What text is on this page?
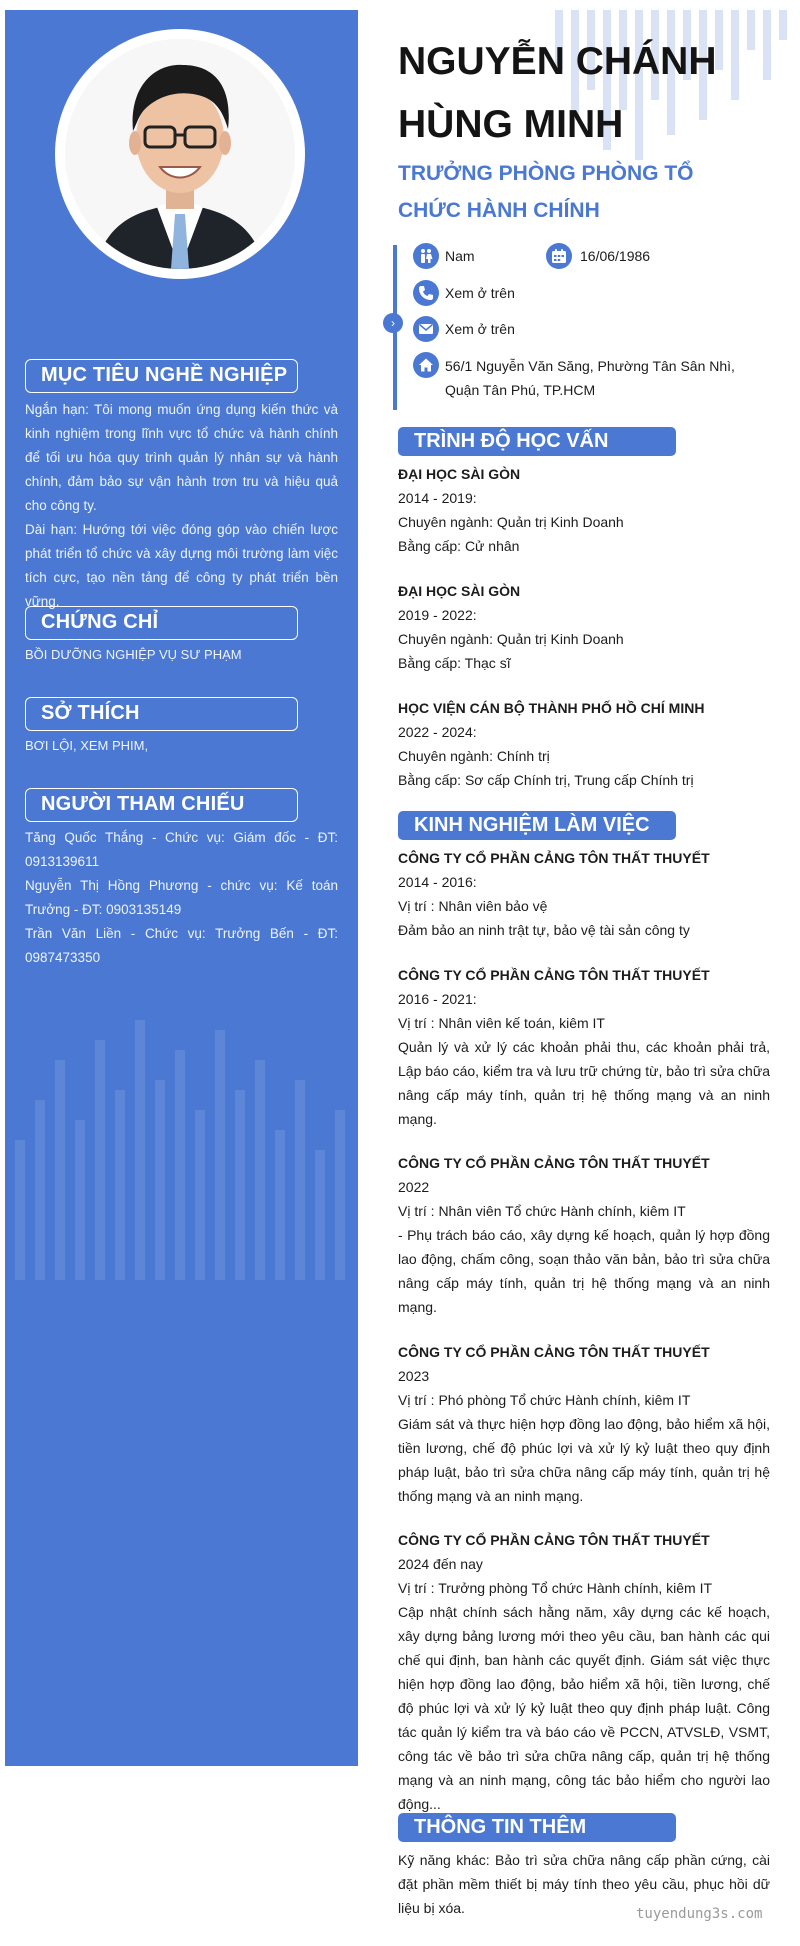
MỤC TIÊU NGHỀ NGHIỆP

Ngắn hạn: Tôi mong muốn ứng dụng kiến thức và kinh nghiệm trong lĩnh vực tổ chức và hành chính để tối ưu hóa quy trình quản lý nhân sự và hành chính, đảm bảo sự vận hành trơn tru và hiệu quả cho công ty.

Dài hạn: Hướng tới việc đóng góp vào chiến lược phát triển tổ chức và xây dựng môi trường làm việc tích cực, tạo nền tảng để công ty phát triển bền vững.

CHỨNG CHỈ
BỒI DƯỠNG NGHIỆP VỤ SƯ PHẠM
SỞ THÍCH
BƠI LỘI, XEM PHIM,
NGƯỜI THAM CHIẾU

Tăng Quốc Thắng - Chức vụ: Giám đốc - ĐT: 0913139611

Nguyễn Thị Hồng Phương - chức vụ: Kế toán Trưởng - ĐT: 0903135149

Trần Văn Liền - Chức vụ: Trưởng Bến - ĐT: 0987473350

NGUYỄN CHÁNH HÙNG MINH
TRƯỞNG PHÒNG PHÒNG TỔ CHỨC HÀNH CHÍNH
›
Nam	16/06/1986
Xem ở trên
Xem ở trên
56/1 Nguyễn Văn Săng, Phường Tân Sân Nhì, Quận Tân Phú, TP.HCM
TRÌNH ĐỘ HỌC VẤN
ĐẠI HỌC SÀI GÒN
2014 - 2019:
Chuyên ngành: Quản trị Kinh Doanh
Bằng cấp: Cử nhân
ĐẠI HỌC SÀI GÒN
2019 - 2022:
Chuyên ngành: Quản trị Kinh Doanh
Bằng cấp: Thạc sĩ
HỌC VIỆN CÁN BỘ THÀNH PHỐ HỒ CHÍ MINH
2022 - 2024:
Chuyên ngành: Chính trị
Bằng cấp: Sơ cấp Chính trị, Trung cấp Chính trị
KINH NGHIỆM LÀM VIỆC
CÔNG TY CỔ PHẦN CẢNG TÔN THẤT THUYẾT
2014 - 2016:
Vị trí : Nhân viên bảo vệ
Đảm bảo an ninh trật tự, bảo vệ tài sản công ty
CÔNG TY CỔ PHẦN CẢNG TÔN THẤT THUYẾT
2016 - 2021:
Vị trí : Nhân viên kế toán, kiêm IT
Quản lý và xử lý các khoản phải thu, các khoản phải trả, Lập báo cáo, kiểm tra và lưu trữ chứng từ, bảo trì sửa chữa nâng cấp máy tính, quản trị hệ thống mạng và an ninh mạng.
CÔNG TY CỔ PHẦN CẢNG TÔN THẤT THUYẾT
2022
Vị trí : Nhân viên Tổ chức Hành chính, kiêm IT
- Phụ trách báo cáo, xây dựng kế hoạch, quản lý hợp đồng lao động, chấm công, soạn thảo văn bản, bảo trì sửa chữa nâng cấp máy tính, quản trị hệ thống mạng và an ninh mạng.
CÔNG TY CỔ PHẦN CẢNG TÔN THẤT THUYẾT
2023
Vị trí : Phó phòng Tổ chức Hành chính, kiêm IT
Giám sát và thực hiện hợp đồng lao động, bảo hiểm xã hội, tiền lương, chế độ phúc lợi và xử lý kỷ luật theo quy định pháp luật, bảo trì sửa chữa nâng cấp máy tính, quản trị hệ thống mạng và an ninh mạng.
CÔNG TY CỔ PHẦN CẢNG TÔN THẤT THUYẾT
2024 đến nay
Vị trí : Trưởng phòng Tổ chức Hành chính, kiêm IT
Cập nhật chính sách hằng năm, xây dựng các kế hoạch, xây dựng bảng lương mới theo yêu cầu, ban hành các qui chế qui định, ban hành các quyết định. Giám sát việc thực hiện hợp đồng lao động, bảo hiểm xã hội, tiền lương, chế độ phúc lợi và xử lý kỷ luật theo quy định pháp luật. Công tác quản lý kiểm tra và báo cáo về PCCN, ATVSLĐ, VSMT, công tác về bảo trì sửa chữa nâng cấp, quản trị hệ thống mạng và an ninh mạng, công tác bảo hiểm cho người lao động...
THÔNG TIN THÊM
Kỹ năng khác: Bảo trì sửa chữa nâng cấp phần cứng, cài đặt phần mềm thiết bị máy tính theo yêu cầu, phục hồi dữ liệu bị xóa.	tuyendung3s.com
